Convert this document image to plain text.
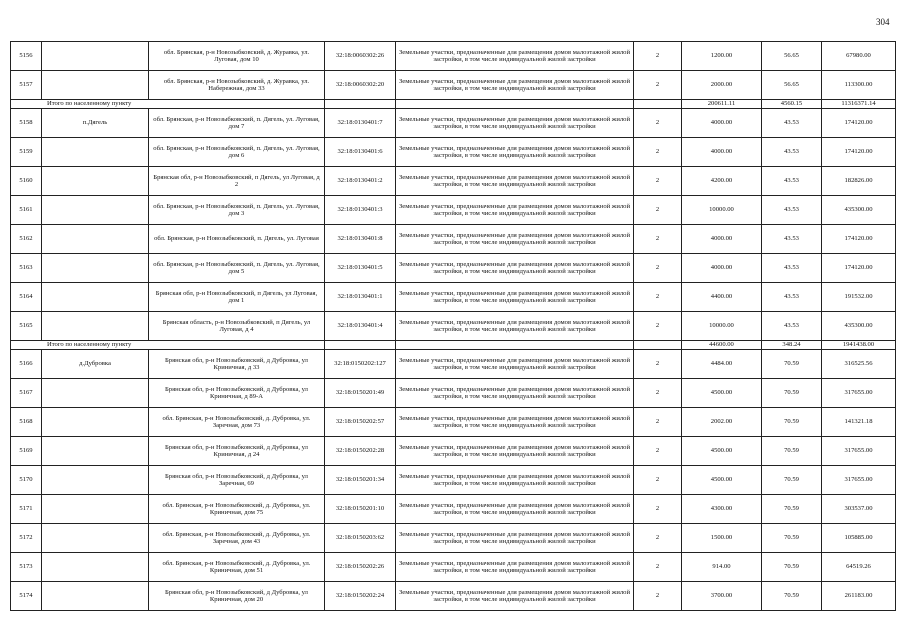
304
5156		обл. Брянская, р-н Новозыбковский, д. Журавка, ул. Луговая, дом 10	32:18:0060302:26	Земельные участки, предназначенные для размещения домов малоэтажной жилой застройки, в том числе индивидуальной жилой застройки	2	1200.00	56.65	67980.00
5157		обл. Брянская, р-н Новозыбковский, д. Журавка, ул. Набережная, дом 33	32:18:0060302:20	Земельные участки, предназначенные для размещения домов малоэтажной жилой застройки, в том числе индивидуальной жилой застройки	2	2000.00	56.65	113300.00
Итого по населенному пункту						200611.11	4560.15	11316371.14
5158	п.Дягель	обл. Брянская, р-н Новозыбковский, п. Дягель, ул. Луговая, дом 7	32:18:0130401:7	Земельные участки, предназначенные для размещения домов малоэтажной жилой застройки, в том числе индивидуальной жилой застройки	2	4000.00	43.53	174120.00
5159		обл. Брянская, р-н Новозыбковский, п. Дягель, ул. Луговая, дом 6	32:18:0130401:6	Земельные участки, предназначенные для размещения домов малоэтажной жилой застройки, в том числе индивидуальной жилой застройки	2	4000.00	43.53	174120.00
5160		Брянская обл, р-н Новозыбковский, п Дягель, ул Луговая, д 2	32:18:0130401:2	Земельные участки, предназначенные для размещения домов малоэтажной жилой застройки, в том числе индивидуальной жилой застройки	2	4200.00	43.53	182826.00
5161		обл. Брянская, р-н Новозыбковский, п. Дягель, ул. Луговая, дом 3	32:18:0130401:3	Земельные участки, предназначенные для размещения домов малоэтажной жилой застройки, в том числе индивидуальной жилой застройки	2	10000.00	43.53	435300.00
5162		обл. Брянская, р-н Новозыбковский, п. Дягель, ул. Луговая	32:18:0130401:8	Земельные участки, предназначенные для размещения домов малоэтажной жилой застройки, в том числе индивидуальной жилой застройки	2	4000.00	43.53	174120.00
5163		обл. Брянская, р-н Новозыбковский, п. Дягель, ул. Луговая, дом 5	32:18:0130401:5	Земельные участки, предназначенные для размещения домов малоэтажной жилой застройки, в том числе индивидуальной жилой застройки	2	4000.00	43.53	174120.00
5164		Брянская обл, р-н Новозыбковский, п Дягель, ул Луговая, дом 1	32:18:0130401:1	Земельные участки, предназначенные для размещения домов малоэтажной жилой застройки, в том числе индивидуальной жилой застройки	2	4400.00	43.53	191532.00
5165		Брянская область, р-н Новозыбковский, п Дягель, ул Луговая, д 4	32:18:0130401:4	Земельные участки, предназначенные для размещения домов малоэтажной жилой застройки, в том числе индивидуальной жилой застройки	2	10000.00	43.53	435300.00
Итого по населенному пункту						44600.00	348.24	1941438.00
5166	д.Дубровка	Брянская обл, р-н Новозыбковский, д Дубровка, ул Криничная, д 33	32:18:0150202:127	Земельные участки, предназначенные для размещения домов малоэтажной жилой застройки, в том числе индивидуальной жилой застройки	2	4484.00	70.59	316525.56
5167		Брянская обл, р-н Новозыбковский, д Дубровка, ул Криничная, д 89-А	32:18:0150201:49	Земельные участки, предназначенные для размещения домов малоэтажной жилой застройки, в том числе индивидуальной жилой застройки	2	4500.00	70.59	317655.00
5168		обл. Брянская, р-н Новозыбковский, д. Дубровка, ул. Заречная, дом 73	32:18:0150202:57	Земельные участки, предназначенные для размещения домов малоэтажной жилой застройки, в том числе индивидуальной жилой застройки	2	2002.00	70.59	141321.18
5169		Брянская обл, р-н Новозыбковский, д Дубровка, ул Криничная, д 24	32:18:0150202:28	Земельные участки, предназначенные для размещения домов малоэтажной жилой застройки, в том числе индивидуальной жилой застройки	2	4500.00	70.59	317655.00
5170		Брянская обл, р-н Новозыбковский, д Дубровка, ул Заречная, 69	32:18:0150201:34	Земельные участки, предназначенные для размещения домов малоэтажной жилой застройки, в том числе индивидуальной жилой застройки	2	4500.00	70.59	317655.00
5171		обл. Брянская, р-н Новозыбковский, д. Дубровка, ул. Криничная, дом 75	32:18:0150201:10	Земельные участки, предназначенные для размещения домов малоэтажной жилой застройки, в том числе индивидуальной жилой застройки	2	4300.00	70.59	303537.00
5172		обл. Брянская, р-н Новозыбковский, д. Дубровка, ул. Заречная, дом 43	32:18:0150203:62	Земельные участки, предназначенные для размещения домов малоэтажной жилой застройки, в том числе индивидуальной жилой застройки	2	1500.00	70.59	105885.00
5173		обл. Брянская, р-н Новозыбковский, д. Дубровка, ул. Криничная, дом 51	32:18:0150202:26	Земельные участки, предназначенные для размещения домов малоэтажной жилой застройки, в том числе индивидуальной жилой застройки	2	914.00	70.59	64519.26
5174		Брянская обл, р-н Новозыбковский, д Дубровка, ул Криничная, дом 20	32:18:0150202:24	Земельные участки, предназначенные для размещения домов малоэтажной жилой застройки, в том числе индивидуальной жилой застройки	2	3700.00	70.59	261183.00
